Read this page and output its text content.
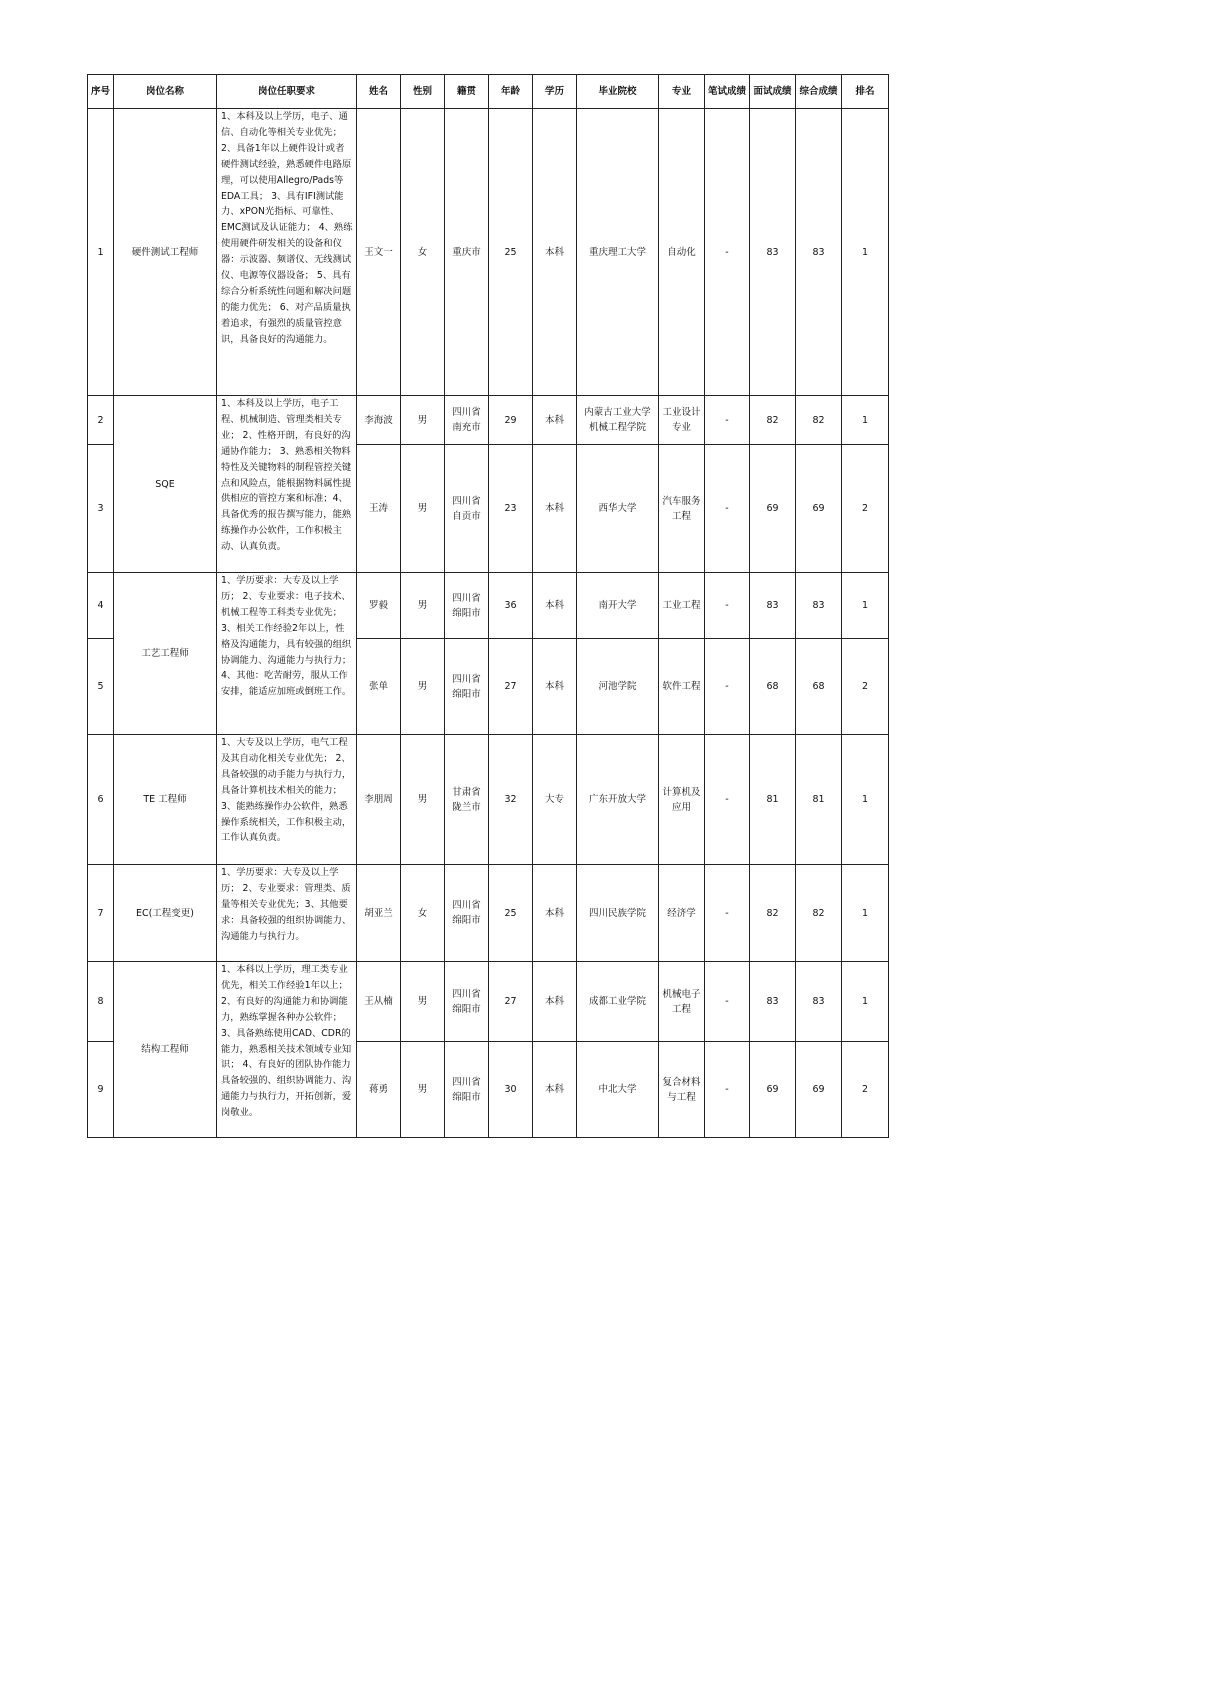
序号	岗位名称	岗位任职要求	姓名	性别	籍贯	年龄	学历	毕业院校	专业	笔试成绩	面试成绩	综合成绩	排名
1	硬件测试工程师	1、本科及以上学历，电子、通信、自动化等相关专业优先； 2、具备1年以上硬件设计或者硬件测试经验，熟悉硬件电路原理，可以使用Allegro/Pads等EDA工具； 3、具有IFI测试能力、xPON光指标、可靠性、EMC测试及认证能力； 4、熟练使用硬件研发相关的设备和仪器：示波器、频谱仪、无线测试仪、电源等仪器设备； 5、具有综合分析系统性问题和解决问题的能力优先； 6、对产品质量执着追求，有强烈的质量管控意识，具备良好的沟通能力。	王文一	女	重庆市	25	本科	重庆理工大学	自动化	-	83	83	1
2	SQE	1、本科及以上学历，电子工程、机械制造、管理类相关专业； 2、性格开朗，有良好的沟通协作能力； 3、熟悉相关物料特性及关键物料的制程管控关键点和风险点，能根据物料属性提供相应的管控方案和标准；4、具备优秀的报告撰写能力，能熟练操作办公软件，工作积极主动、认真负责。	李海波	男	四川省南充市	29	本科	内蒙古工业大学机械工程学院	工业设计专业	-	82	82	1
3			王涛	男	四川省自贡市	23	本科	西华大学	汽车服务工程	-	69	69	2
4	工艺工程师	1、学历要求：大专及以上学历； 2、专业要求：电子技术、机械工程等工科类专业优先； 3、相关工作经验2年以上，性格及沟通能力，具有较强的组织协调能力、沟通能力与执行力；4、其他：吃苦耐劳，服从工作安排，能适应加班或倒班工作。	罗毅	男	四川省绵阳市	36	本科	南开大学	工业工程	-	83	83	1
5			张单	男	四川省绵阳市	27	本科	河池学院	软件工程	-	68	68	2
6	TE 工程师	1、大专及以上学历，电气工程及其自动化相关专业优先； 2、具备较强的动手能力与执行力，具备计算机技术相关的能力； 3、能熟练操作办公软件，熟悉操作系统相关，工作积极主动，工作认真负责。	李朋周	男	甘肃省陇兰市	32	大专	广东开放大学	计算机及应用	-	81	81	1
7	EC(工程变更)	1、学历要求：大专及以上学历； 2、专业要求：管理类、质量等相关专业优先；3、其他要求：具备较强的组织协调能力、沟通能力与执行力。	胡亚兰	女	四川省绵阳市	25	本科	四川民族学院	经济学	-	82	82	1
8	结构工程师	1、本科以上学历，理工类专业优先，相关工作经验1年以上；2、有良好的沟通能力和协调能力，熟练掌握各种办公软件； 3、具备熟练使用CAD、CDR的能力，熟悉相关技术领域专业知识； 4、有良好的团队协作能力具备较强的、组织协调能力、沟通能力与执行力，开拓创新，爱岗敬业。	王从楠	男	四川省绵阳市	27	本科	成都工业学院	机械电子工程	-	83	83	1
9			蒋勇	男	四川省绵阳市	30	本科	中北大学	复合材料与工程	-	69	69	2
